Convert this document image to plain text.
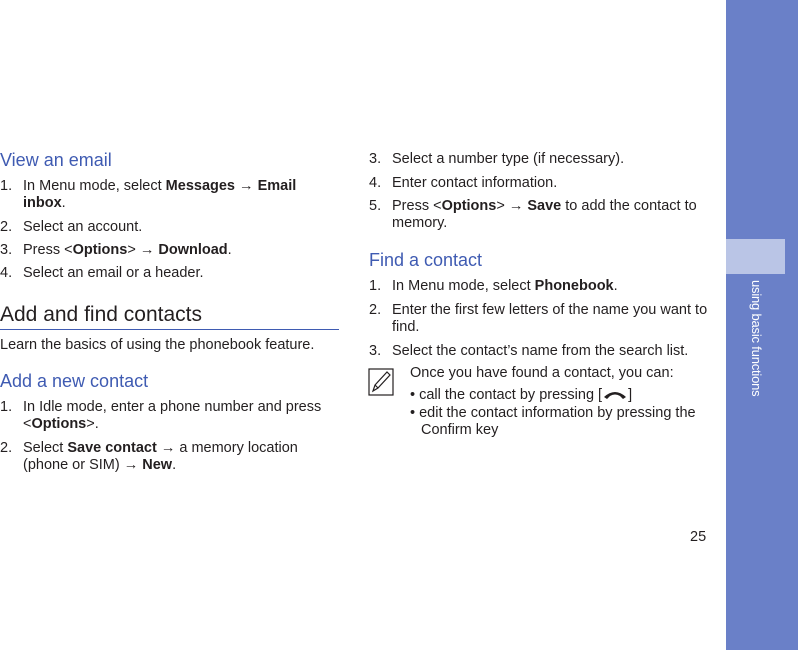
using basic functions
View an email
1. In Menu mode, select Messages → Email
inbox.
2. Select an account.
3. Press <Options> → Download.
4. Select an email or a header.
Add and find contacts
Learn the basics of using the phonebook feature.
Add a new contact
1. In Idle mode, enter a phone number and press
<Options>.
2. Select Save contact → a memory location
(phone or SIM) → New.
3. Select a number type (if necessary).
4. Enter contact information.
5. Press <Options> → Save to add the contact to
memory.
Find a contact
1. In Menu mode, select Phonebook.
2. Enter the first few letters of the name you want to
find.
3. Select the contact’s name from the search list.
Once you have found a contact, you can:
• call the contact by pressing [ ]
• edit the contact information by pressing the
Confirm key
25
